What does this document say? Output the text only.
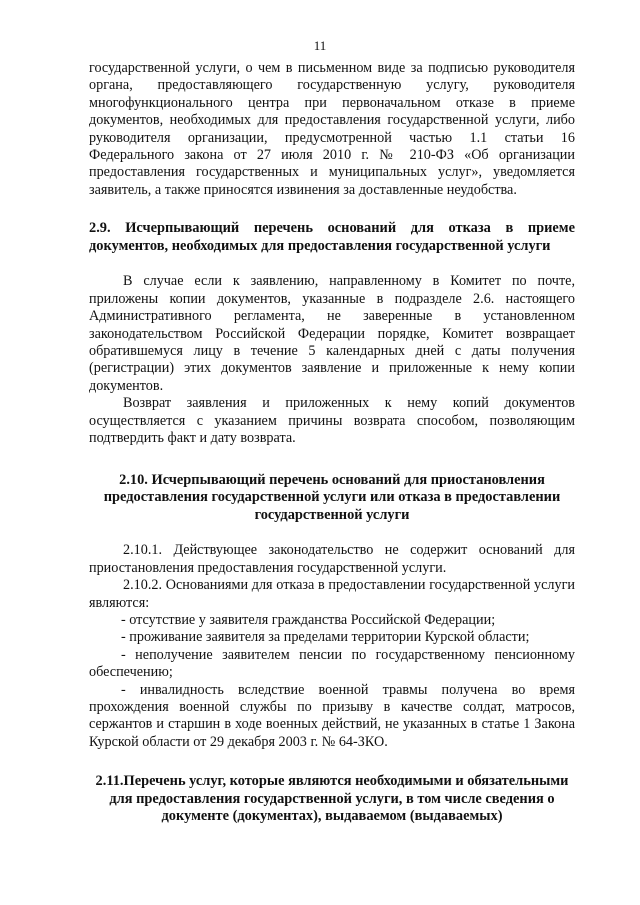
11

государственной услуги, о чем в письменном виде за подписью руководителя органа, предоставляющего государственную услугу, руководителя многофункционального центра при первоначальном отказе в приеме документов, необходимых для предоставления государственной услуги, либо руководителя организации, предусмотренной частью 1.1 статьи 16 Федерального закона от 27 июля 2010 г. № 210-ФЗ «Об организации предоставления государственных и муниципальных услуг», уведомляется заявитель, а также приносятся извинения за доставленные неудобства.

2.9. Исчерпывающий перечень оснований для отказа в приеме документов, необходимых для предоставления государственной услуги

В случае если к заявлению, направленному в Комитет по почте, приложены копии документов, указанные в подразделе 2.6. настоящего Административного регламента, не заверенные в установленном законодательством Российской Федерации порядке, Комитет возвращает обратившемуся лицу в течение 5 календарных дней с даты получения (регистрации) этих документов заявление и приложенные к нему копии документов.

Возврат заявления и приложенных к нему копий документов осуществляется с указанием причины возврата способом, позволяющим подтвердить факт и дату возврата.

2.10. Исчерпывающий перечень оснований для приостановления предоставления государственной услуги или отказа в предоставлении государственной услуги

2.10.1. Действующее законодательство не содержит оснований для приостановления предоставления государственной услуги.

2.10.2. Основаниями для отказа в предоставлении государственной услуги являются:

- отсутствие у заявителя гражданства Российской Федерации;

- проживание заявителя за пределами территории Курской области;

- неполучение заявителем пенсии по государственному пенсионному обеспечению;

- инвалидность вследствие военной травмы получена во время прохождения военной службы по призыву в качестве солдат, матросов, сержантов и старшин в ходе военных действий, не указанных в статье 1 Закона Курской области от 29 декабря 2003 г. № 64-ЗКО.

2.11.Перечень услуг, которые являются необходимыми и обязательными для предоставления государственной услуги, в том числе сведения о документе (документах), выдаваемом (выдаваемых)
